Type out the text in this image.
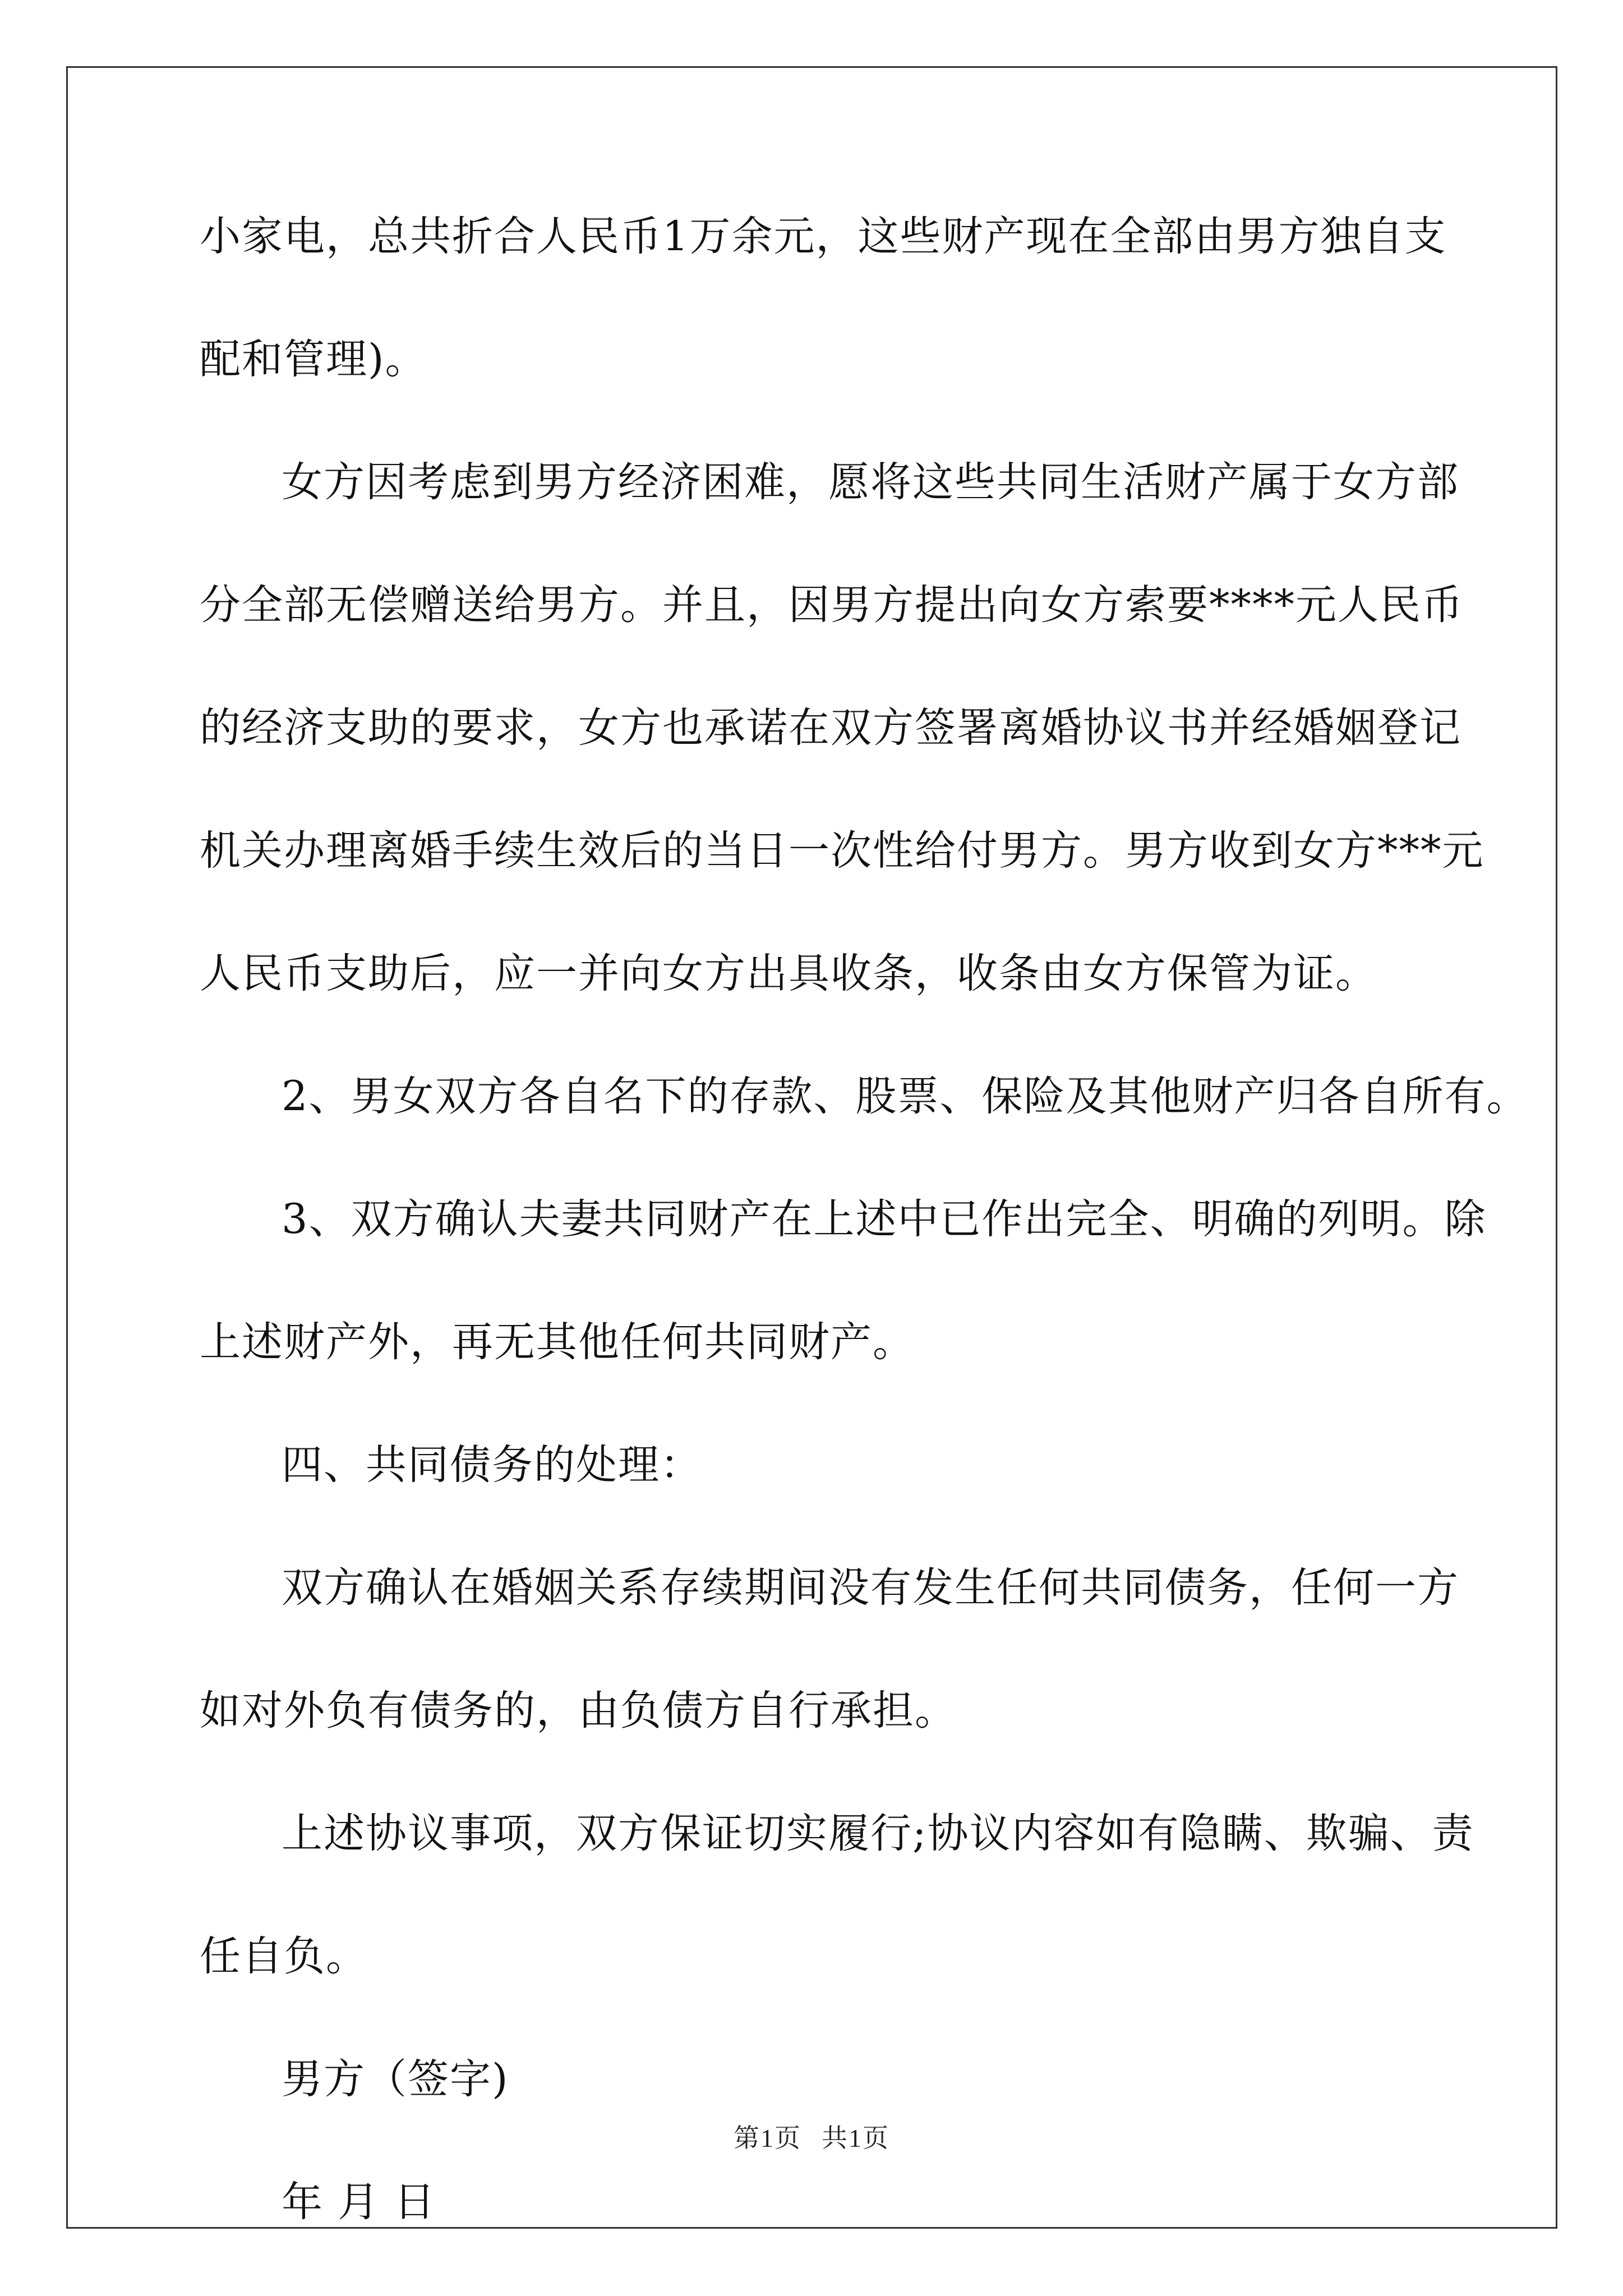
小家电，总共折合人民币1万余元，这些财产现在全部由男方独自支
配和管理)。
女方因考虑到男方经济困难，愿将这些共同生活财产属于女方部
分全部无偿赠送给男方。并且，因男方提出向女方索要****元人民币
的经济支助的要求，女方也承诺在双方签署离婚协议书并经婚姻登记
机关办理离婚手续生效后的当日一次性给付男方。男方收到女方***元
人民币支助后，应一并向女方出具收条，收条由女方保管为证。
2、男女双方各自名下的存款、股票、保险及其他财产归各自所有。
3、双方确认夫妻共同财产在上述中已作出完全、明确的列明。除
上述财产外，再无其他任何共同财产。
四、共同债务的处理：
双方确认在婚姻关系存续期间没有发生任何共同债务，任何一方
如对外负有债务的，由负债方自行承担。
上述协议事项，双方保证切实履行;协议内容如有隐瞒、欺骗、责
任自负。
男方（签字)
年 月 日
第1页 共1页
